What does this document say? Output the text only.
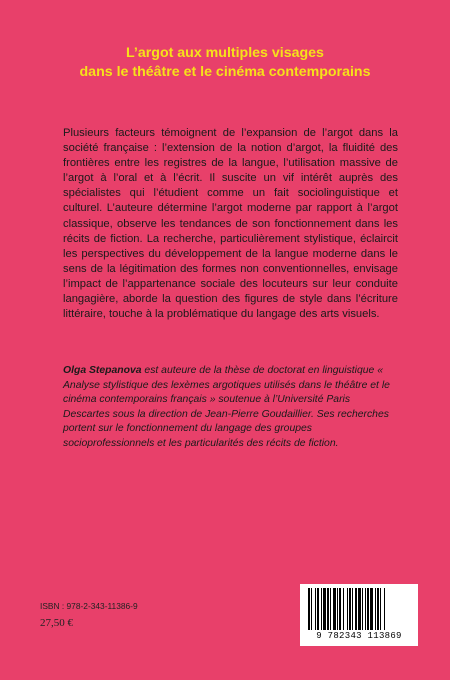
L’argot aux multiples visages
dans le théâtre et le cinéma contemporains

Plusieurs facteurs témoignent de l’expansion de l’argot dans la société française : l’extension de la notion d’argot, la fluidité des frontières entre les registres de la langue, l’utilisation massive de l’argot à l’oral et à l’écrit. Il suscite un vif intérêt auprès des spécialistes qui l’étudient comme un fait sociolinguistique et culturel. L’auteure détermine l’argot moderne par rapport à l’argot classique, observe les tendances de son fonctionnement dans les récits de fiction. La recherche, particulièrement stylistique, éclaircit les perspectives du développement de la langue moderne dans le sens de la légitimation des formes non conventionnelles, envisage l’impact de l’appartenance sociale des locuteurs sur leur conduite langagière, aborde la question des figures de style dans l’écriture littéraire, touche à la problématique du langage des arts visuels.

Olga Stepanova est auteure de la thèse de doctorat en linguistique « Analyse stylistique des lexèmes argotiques utilisés dans le théâtre et le cinéma contemporains français » soutenue à l’Université Paris Descartes sous la direction de Jean-Pierre Goudaillier. Ses recherches portent sur le fonctionnement du langage des groupes socioprofessionnels et les particularités des récits de fiction.

ISBN : 978-2-343-11386-9
27,50 €
9 782343 113869
